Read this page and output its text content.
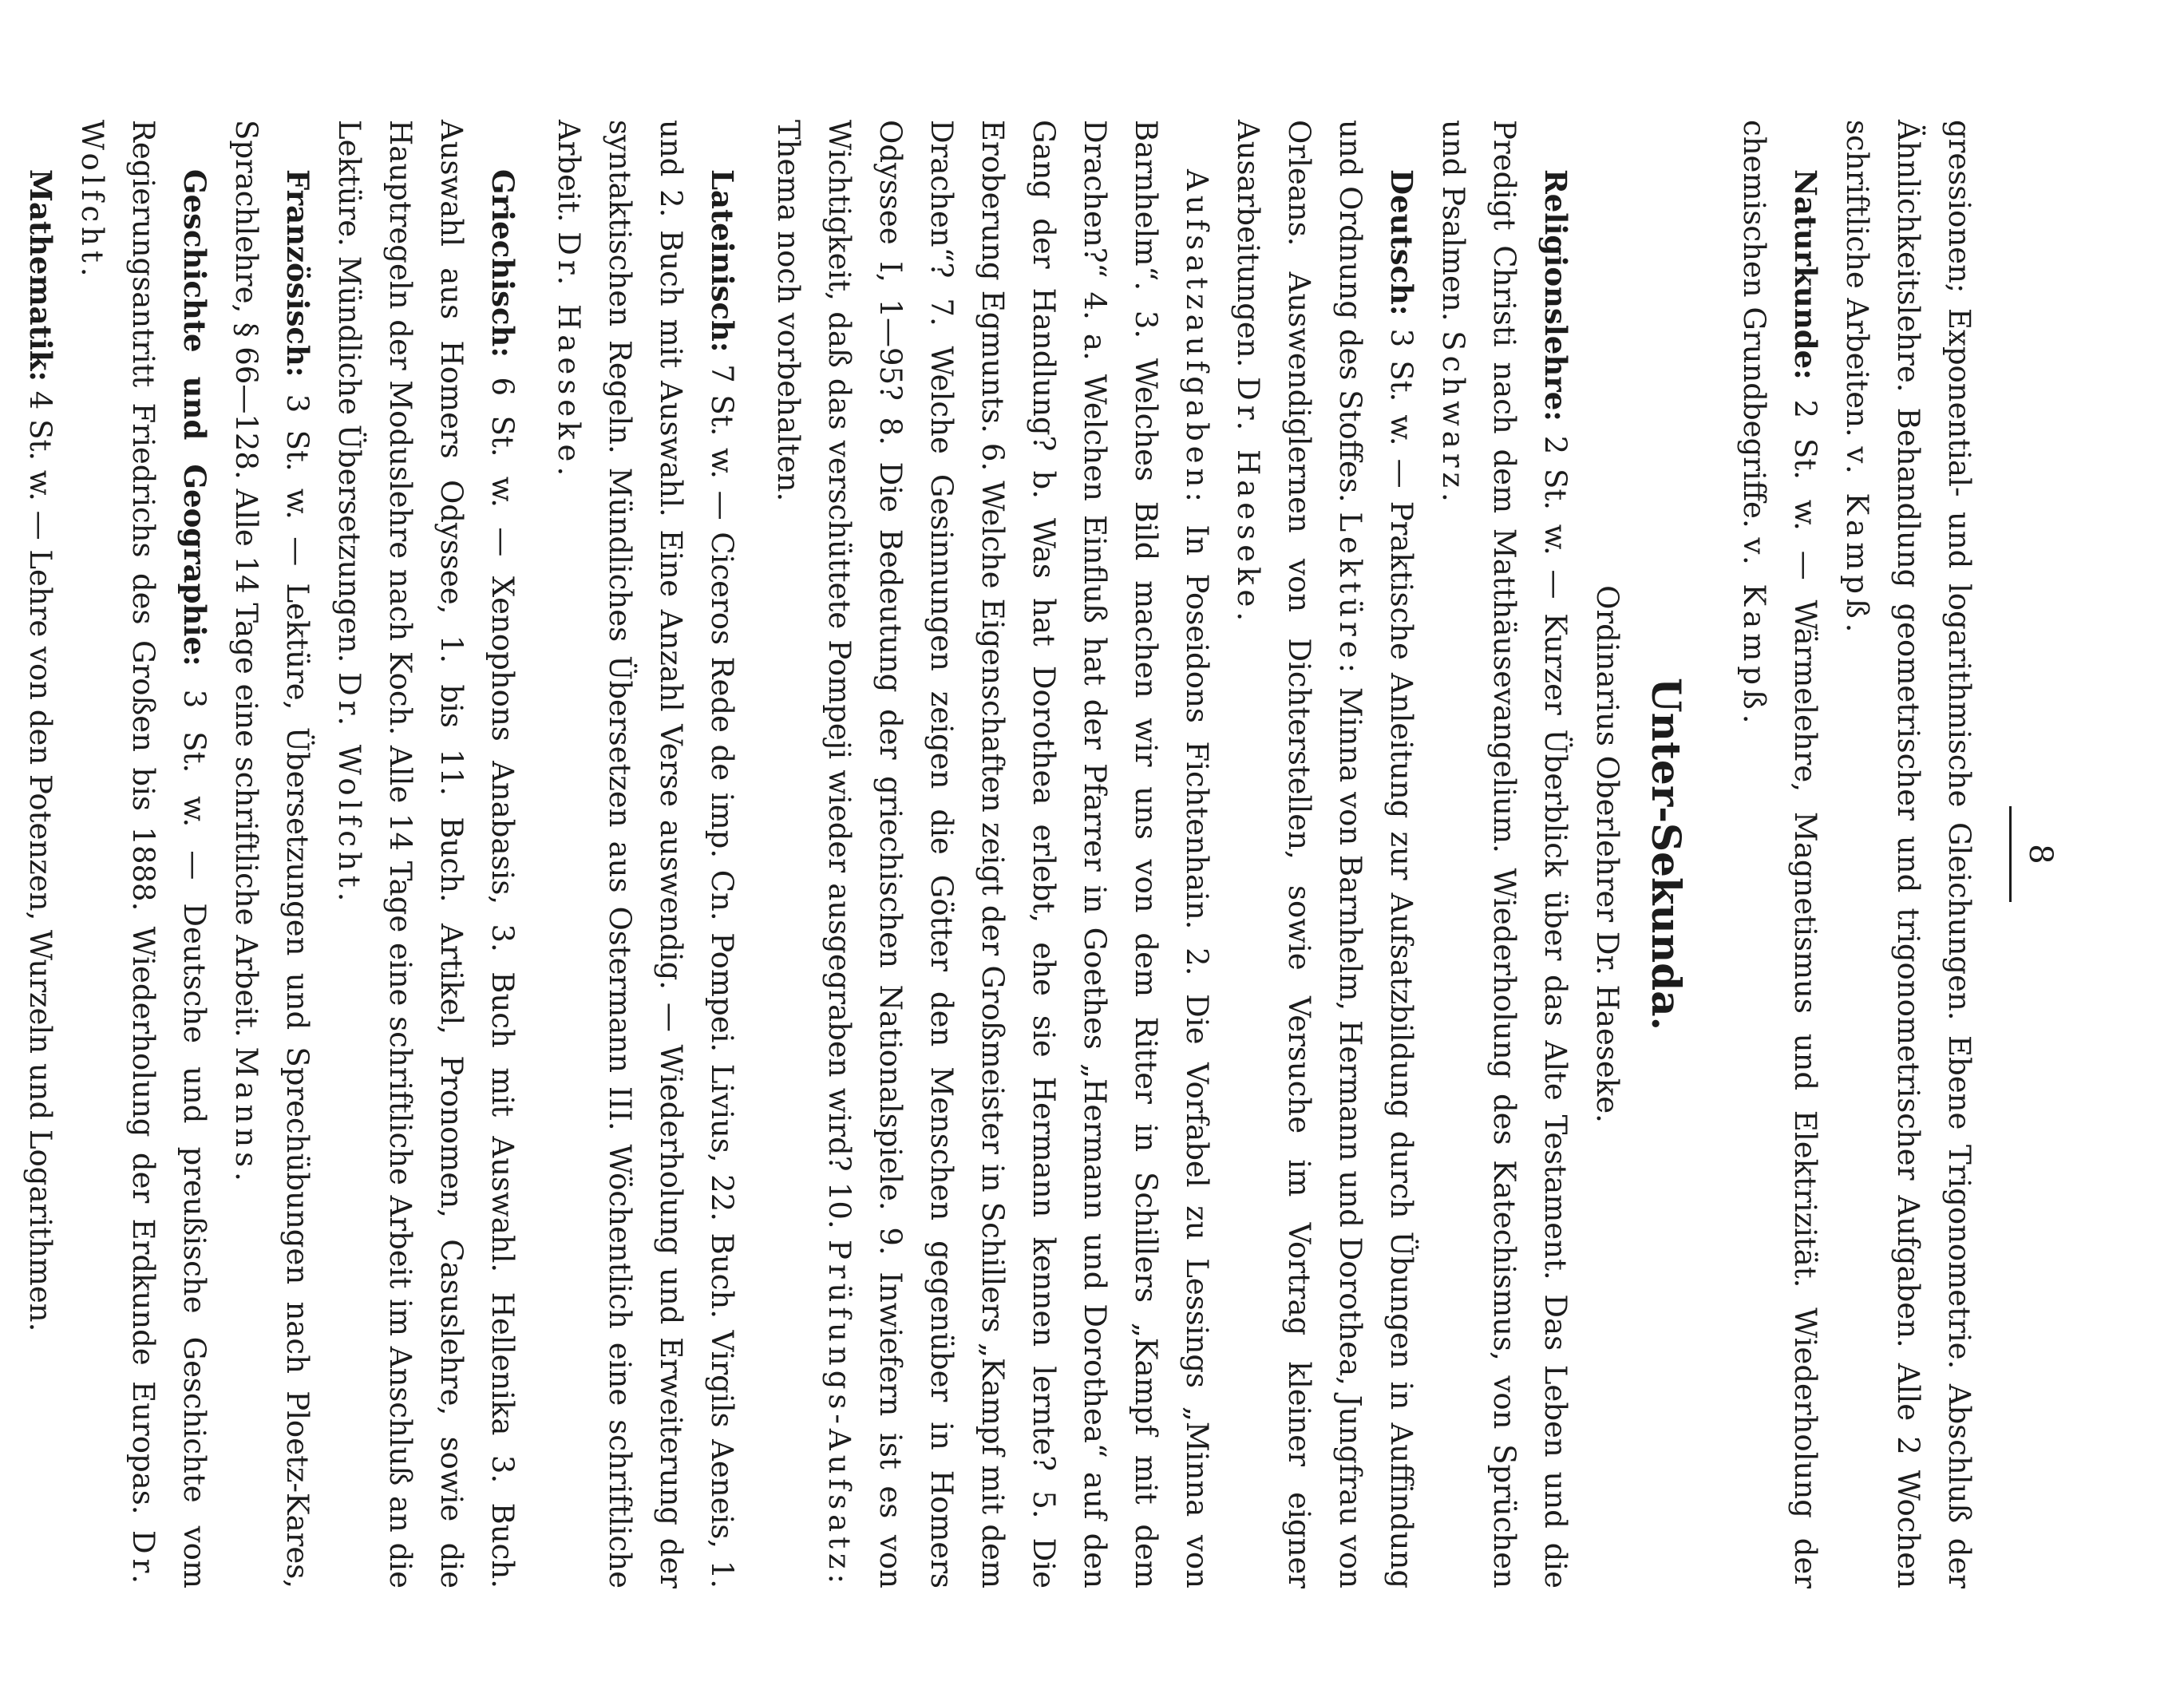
8

gressionen; Exponential- und logarithmische Gleichungen. Ebene Trigonometrie. Abschluß der Ähnlichkeitslehre. Behandlung geometrischer und trigonometrischer Aufgaben. Alle 2 Wochen schriftliche Arbeiten. v. Kampß.

Naturkunde: 2 St. w. — Wärmelehre, Magnetismus und Elektrizität. Wiederholung der chemischen Grundbegriffe. v. Kampß.

Unter-Sekunda.

Ordinarius Oberlehrer Dr. Haeseke.

Religionslehre: 2 St. w. — Kurzer Überblick über das Alte Testament. Das Leben und die Predigt Christi nach dem Matthäusevangelium. Wiederholung des Katechismus, von Sprüchen und Psalmen. Schwarz.

Deutsch: 3 St. w. — Praktische Anleitung zur Aufsatzbildung durch Übungen in Auffindung und Ordnung des Stoffes. Lektüre: Minna von Barnhelm, Hermann und Dorothea, Jungfrau von Orleans. Auswendiglernen von Dichterstellen, sowie Versuche im Vortrag kleiner eigner Ausarbeitungen. Dr. Haeseke.

Aufsatzaufgaben: In Poseidons Fichtenhain. 2. Die Vorfabel zu Lessings „Minna von Barnhelm“. 3. Welches Bild machen wir uns von dem Ritter in Schillers „Kampf mit dem Drachen?“ 4. a. Welchen Einfluß hat der Pfarrer in Goethes „Hermann und Dorothea“ auf den Gang der Handlung? b. Was hat Dorothea erlebt, ehe sie Hermann kennen lernte? 5. Die Eroberung Egmunts. 6. Welche Eigenschaften zeigt der Großmeister in Schillers „Kampf mit dem Drachen“? 7. Welche Gesinnungen zeigen die Götter den Menschen gegenüber in Homers Odyssee I, 1—95? 8. Die Bedeutung der griechischen Nationalspiele. 9. Inwiefern ist es von Wichtigkeit, daß das verschüttete Pompeji wieder ausgegraben wird? 10. Prüfungs-Aufsatz: Thema noch vorbehalten.

Lateinisch: 7 St. w. — Ciceros Rede de imp. Cn. Pompei. Livius, 22. Buch. Virgils Aeneis, 1. und 2. Buch mit Auswahl. Eine Anzahl Verse auswendig. — Wiederholung und Erweiterung der syntaktischen Regeln. Mündliches Übersetzen aus Ostermann III. Wöchentlich eine schriftliche Arbeit. Dr. Haeseke.

Griechisch: 6 St. w. — Xenophons Anabasis, 3. Buch mit Auswahl. Hellenika 3. Buch. Auswahl aus Homers Odyssee, 1. bis 11. Buch. Artikel, Pronomen, Casuslehre, sowie die Hauptregeln der Moduslehre nach Koch. Alle 14 Tage eine schriftliche Arbeit im Anschluß an die Lektüre. Mündliche Übersetzungen. Dr. Wolfcht.

Französisch: 3 St. w. — Lektüre, Übersetzungen und Sprechübungen nach Ploetz-Kares, Sprachlehre, § 66—128. Alle 14 Tage eine schriftliche Arbeit. Manns.

Geschichte und Geographie: 3 St. w. — Deutsche und preußische Geschichte vom Regierungsantritt Friedrichs des Großen bis 1888. Wiederholung der Erdkunde Europas. Dr. Wolfcht.

Mathematik: 4 St. w. — Lehre von den Potenzen, Wurzeln und Logarithmen.
